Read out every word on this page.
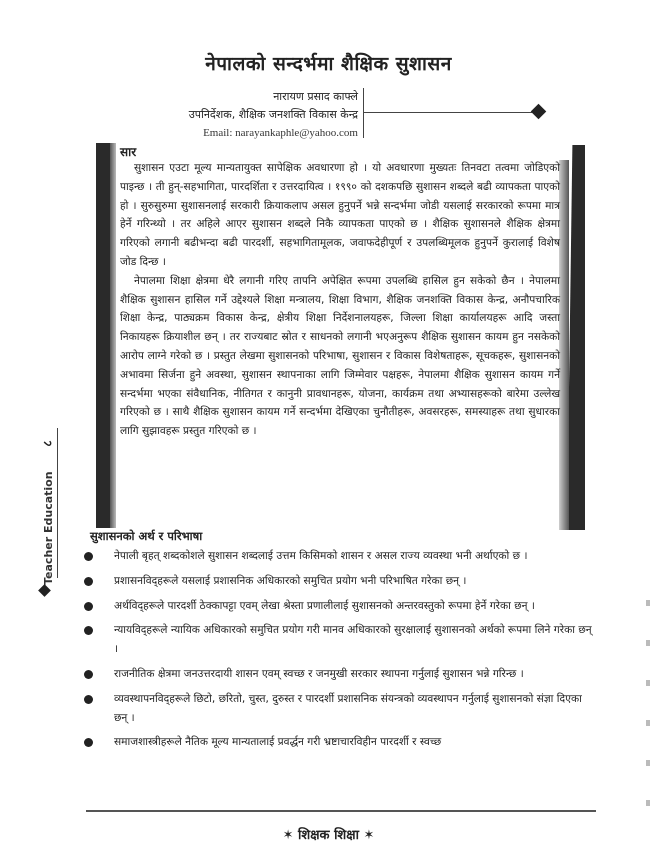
नेपालको सन्दर्भमा शैक्षिक सुशासन
नारायण प्रसाद काफ्ले
उपनिर्देशक, शैक्षिक जनशक्ति विकास केन्द्र
Email: narayankaphle@yahoo.com
सार

सुशासन एउटा मूल्य मान्यतायुक्त सापेक्षिक अवधारणा हो । यो अवधारणा मुख्यतः तिनवटा तत्वमा जोडिएको पाइन्छ । ती हुन्-सहभागिता, पारदर्शिता र उत्तरदायित्व । १९९० को दशकपछि सुशासन शब्दले बढी व्यापकता पाएको हो । सुरुसुरुमा सुशासनलाई सरकारी क्रियाकलाप असल हुनुपर्ने भन्ने सन्दर्भमा जोडी यसलाई सरकारको रूपमा मात्र हेर्ने गरिन्थ्यो । तर अहिले आएर सुशासन शब्दले निकै व्यापकता पाएको छ । शैक्षिक सुशासनले शैक्षिक क्षेत्रमा गरिएको लगानी बढीभन्दा बढी पारदर्शी, सहभागितामूलक, जवाफदेहीपूर्ण र उपलब्धिमूलक हुनुपर्ने कुरालाई विशेष जोड दिन्छ ।

नेपालमा शिक्षा क्षेत्रमा धेरै लगानी गरिए तापनि अपेक्षित रूपमा उपलब्धि हासिल हुन सकेको छैन । नेपालमा शैक्षिक सुशासन हासिल गर्ने उद्देश्यले शिक्षा मन्त्रालय, शिक्षा विभाग, शैक्षिक जनशक्ति विकास केन्द्र, अनौपचारिक शिक्षा केन्द्र, पाठ्यक्रम विकास केन्द्र, क्षेत्रीय शिक्षा निर्देशनालयहरू, जिल्ला शिक्षा कार्यालयहरू आदि जस्ता निकायहरू क्रियाशील छन् । तर राज्यबाट स्रोत र साधनको लगानी भएअनुरूप शैक्षिक सुशासन कायम हुन नसकेको आरोप लाग्ने गरेको छ । प्रस्तुत लेखमा सुशासनको परिभाषा, सुशासन र विकास विशेषताहरू, सूचकहरू, सुशासनको अभावमा सिर्जना हुने अवस्था, सुशासन स्थापनाका लागि जिम्मेवार पक्षहरू, नेपालमा शैक्षिक सुशासन कायम गर्ने सन्दर्भमा भएका संवैधानिक, नीतिगत र कानुनी प्रावधानहरू, योजना, कार्यक्रम तथा अभ्यासहरूको बारेमा उल्लेख गरिएको छ । साथै शैक्षिक सुशासन कायम गर्ने सन्दर्भमा देखिएका चुनौतीहरू, अवसरहरू, समस्याहरू तथा सुधारका लागि सुझावहरू प्रस्तुत गरिएको छ ।

८
Teacher Education	सुशासनको अर्थ र परिभाषा
नेपाली बृहत् शब्दकोशले सुशासन शब्दलाई उत्तम किसिमको शासन र असल राज्य व्यवस्था भनी अर्थाएको छ ।
प्रशासनविद्हरूले यसलाई प्रशासनिक अधिकारको समुचित प्रयोग भनी परिभाषित गरेका छन् ।
अर्थविद्हरूले पारदर्शी ठेक्कापट्टा एवम् लेखा श्रेस्ता प्रणालीलाई सुशासनको अन्तरवस्तुको रूपमा हेर्ने गरेका छन् ।
न्यायविद्हरूले न्यायिक अधिकारको समुचित प्रयोग गरी मानव अधिकारको सुरक्षालाई सुशासनको अर्थको रूपमा लिने गरेका छन् ।
राजनीतिक क्षेत्रमा जनउत्तरदायी शासन एवम् स्वच्छ र जनमुखी सरकार स्थापना गर्नुलाई सुशासन भन्ने गरिन्छ ।
व्यवस्थापनविद्हरूले छिटो, छरितो, चुस्त, दुरुस्त र पारदर्शी प्रशासनिक संयन्त्रको व्यवस्थापन गर्नुलाई सुशासनको संज्ञा दिएका छन् ।
समाजशास्त्रीहरूले नैतिक मूल्य मान्यतालाई प्रवर्द्धन गरी भ्रष्टाचारविहीन पारदर्शी र स्वच्छ
✶ शिक्षक शिक्षा ✶
